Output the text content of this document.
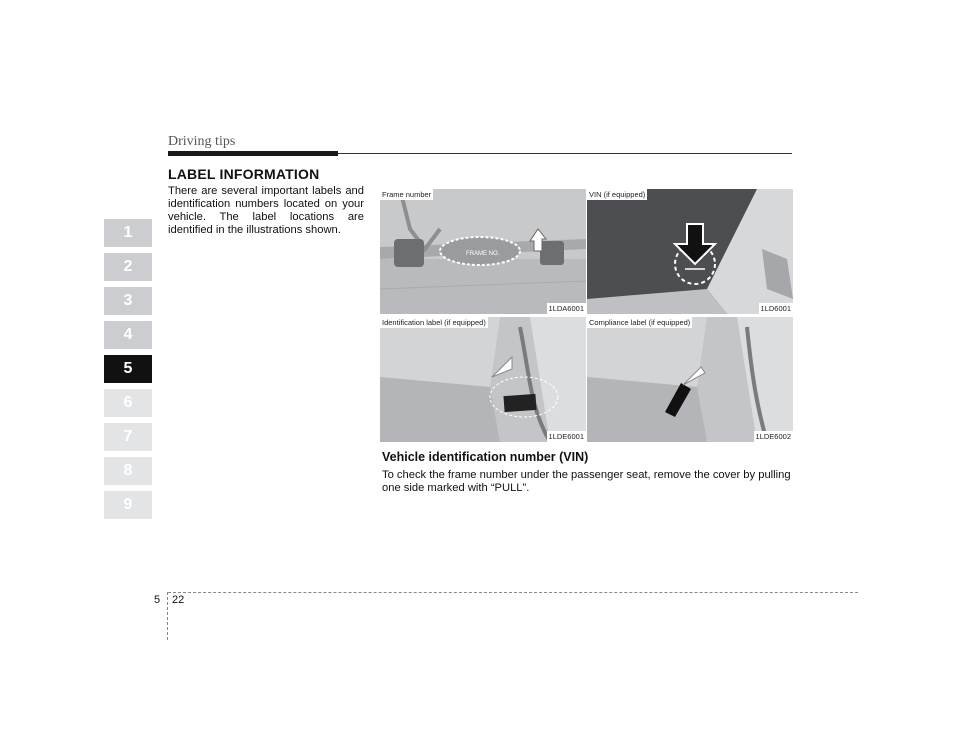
Driving tips
LABEL INFORMATION
There are several important labels and identification numbers located on your vehicle. The label locations are identified in the illustrations shown.
1
2
3
4
5
6
7
8
9
FRAME NO.
Frame number
1LDA6001
VIN (if equipped)
1LD6001
Identification label (if equipped)
1LDE6001
Compliance label (if equipped)
1LDE6002
Vehicle identification number (VIN)
To check the frame number under the passenger seat, remove the cover by pulling one side marked with “PULL”.
5 22
